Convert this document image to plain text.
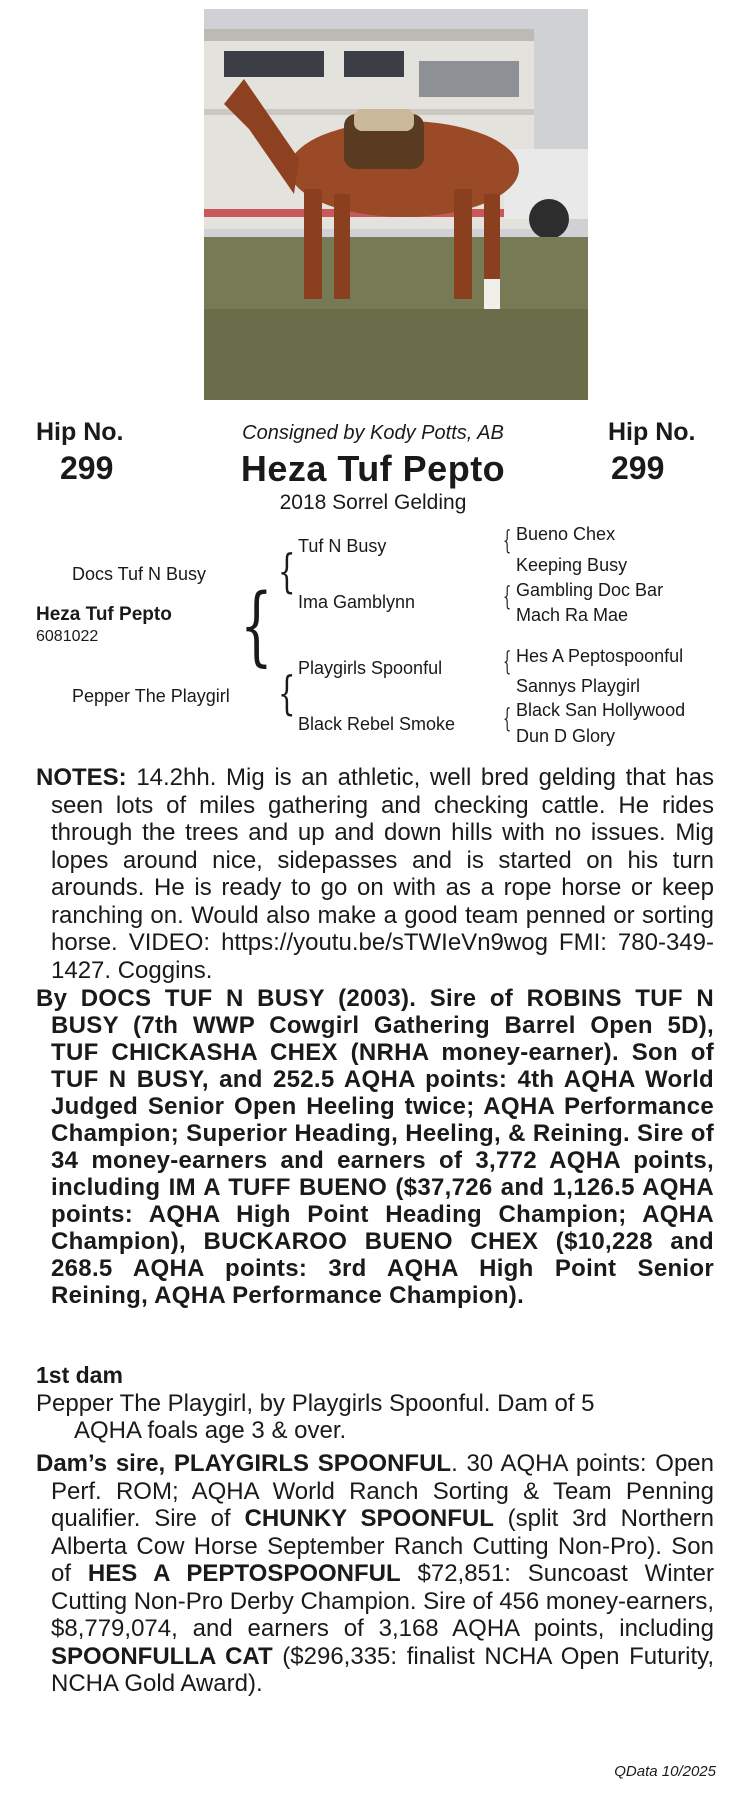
Hip No.
299
Hip No.
299
Consigned by Kody Potts, AB
Heza Tuf Pepto
2018 Sorrel Gelding
Docs Tuf N Busy
Heza Tuf Pepto
6081022
Pepper The Playgirl
{
{
{
Tuf N Busy
Ima Gamblynn
Playgirls Spoonful
Black Rebel Smoke
{
{
{
{
Bueno Chex
Keeping Busy
Gambling Doc Bar
Mach Ra Mae
Hes A Peptospoonful
Sannys Playgirl
Black San Hollywood
Dun D Glory

NOTES: 14.2hh. Mig is an athletic, well bred gelding that has seen lots of miles gathering and checking cattle. He rides through the trees and up and down hills with no issues. Mig lopes around nice, sidepasses and is started on his turn arounds. He is ready to go on with as a rope horse or keep ranching on. Would also make a good team penned or sorting horse. VIDEO: https://youtu.be/sTWIeVn9wog FMI: 780-349-1427. Coggins.

By DOCS TUF N BUSY (2003). Sire of ROBINS TUF N BUSY (7th WWP Cowgirl Gathering Barrel Open 5D), TUF CHICKASHA CHEX (NRHA money-earner). Son of TUF N BUSY, and 252.5 AQHA points: 4th AQHA World Judged Senior Open Heeling twice; AQHA Performance Champion; Superior Heading, Heeling, & Reining. Sire of 34 money-earners and earners of 3,772 AQHA points, including IM A TUFF BUENO ($37,726 and 1,126.5 AQHA points: AQHA High Point Heading Champion; AQHA Champion), BUCKAROO BUENO CHEX ($10,228 and 268.5 AQHA points: 3rd AQHA High Point Senior Reining, AQHA Performance Champion).

1st dam

Pepper The Playgirl, by Playgirls Spoonful. Dam of 5

AQHA foals age 3 & over.

Dam’s sire, PLAYGIRLS SPOONFUL. 30 AQHA points: Open Perf. ROM; AQHA World Ranch Sorting & Team Penning qualifier. Sire of CHUNKY SPOONFUL (split 3rd Northern Alberta Cow Horse September Ranch Cutting Non-Pro). Son of HES A PEPTOSPOONFUL $72,851: Suncoast Winter Cutting Non-Pro Derby Champion. Sire of 456 money-earners, $8,779,074, and earners of 3,168 AQHA points, including SPOONFULLA CAT ($296,335: finalist NCHA Open Futurity, NCHA Gold Award).

QData 10/2025
